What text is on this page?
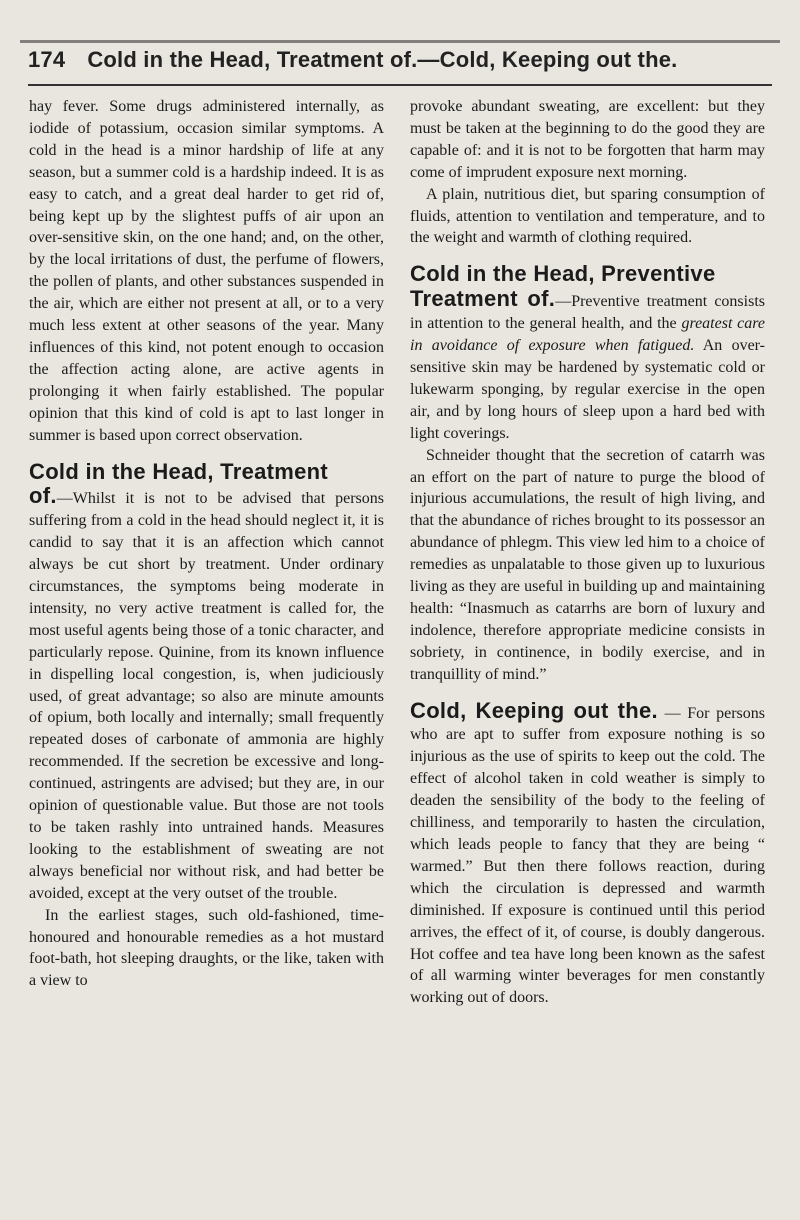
174 Cold in the Head, Treatment of.—Cold, Keeping out the.

hay fever. Some drugs administered internally, as iodide of potassium, occasion similar symptoms. A cold in the head is a minor hardship of life at any season, but a summer cold is a hardship indeed. It is as easy to catch, and a great deal harder to get rid of, being kept up by the slightest puffs of air upon an over-sensitive skin, on the one hand; and, on the other, by the local irritations of dust, the perfume of flowers, the pollen of plants, and other substances suspended in the air, which are either not present at all, or to a very much less extent at other seasons of the year. Many influences of this kind, not potent enough to occasion the affection acting alone, are active agents in prolonging it when fairly established. The popular opinion that this kind of cold is apt to last longer in summer is based upon correct observation.

Cold in the Head, Treatment
of.—Whilst it is not to be advised that persons suffering from a cold in the head should neglect it, it is candid to say that it is an affection which cannot always be cut short by treatment. Under ordinary circumstances, the symptoms being moderate in intensity, no very active treatment is called for, the most useful agents being those of a tonic character, and particularly repose. Quinine, from its known influence in dispelling local congestion, is, when judiciously used, of great advantage; so also are minute amounts of opium, both locally and internally; small frequently repeated doses of carbonate of ammonia are highly recommended. If the secretion be excessive and long-continued, astringents are advised; but they are, in our opinion of questionable value. But those are not tools to be taken rashly into untrained hands. Measures looking to the establishment of sweating are not always beneficial nor without risk, and had better be avoided, except at the very outset of the trouble.

In the earliest stages, such old-fashioned, time-honoured and honourable remedies as a hot mustard foot-bath, hot sleeping draughts, or the like, taken with a view to

provoke abundant sweating, are excellent: but they must be taken at the beginning to do the good they are capable of: and it is not to be forgotten that harm may come of imprudent exposure next morning.

A plain, nutritious diet, but sparing consumption of fluids, attention to ventilation and temperature, and to the weight and warmth of clothing required.

Cold in the Head, Preventive
Treatment of.—Preventive treatment consists in attention to the general health, and the greatest care in avoidance of exposure when fatigued. An over-sensitive skin may be hardened by systematic cold or lukewarm sponging, by regular exercise in the open air, and by long hours of sleep upon a hard bed with light coverings.

Schneider thought that the secretion of catarrh was an effort on the part of nature to purge the blood of injurious accumulations, the result of high living, and that the abundance of riches brought to its possessor an abundance of phlegm. This view led him to a choice of remedies as unpalatable to those given up to luxurious living as they are useful in building up and maintaining health: “Inasmuch as catarrhs are born of luxury and indolence, therefore appropriate medicine consists in sobriety, in continence, in bodily exercise, and in tranquillity of mind.”

Cold, Keeping out the. — For persons who are apt to suffer from exposure nothing is so injurious as the use of spirits to keep out the cold. The effect of alcohol taken in cold weather is simply to deaden the sensibility of the body to the feeling of chilliness, and temporarily to hasten the circulation, which leads people to fancy that they are being “ warmed.” But then there follows reaction, during which the circulation is depressed and warmth diminished. If exposure is continued until this period arrives, the effect of it, of course, is doubly dangerous. Hot coffee and tea have long been known as the safest of all warming winter beverages for men constantly working out of doors.
